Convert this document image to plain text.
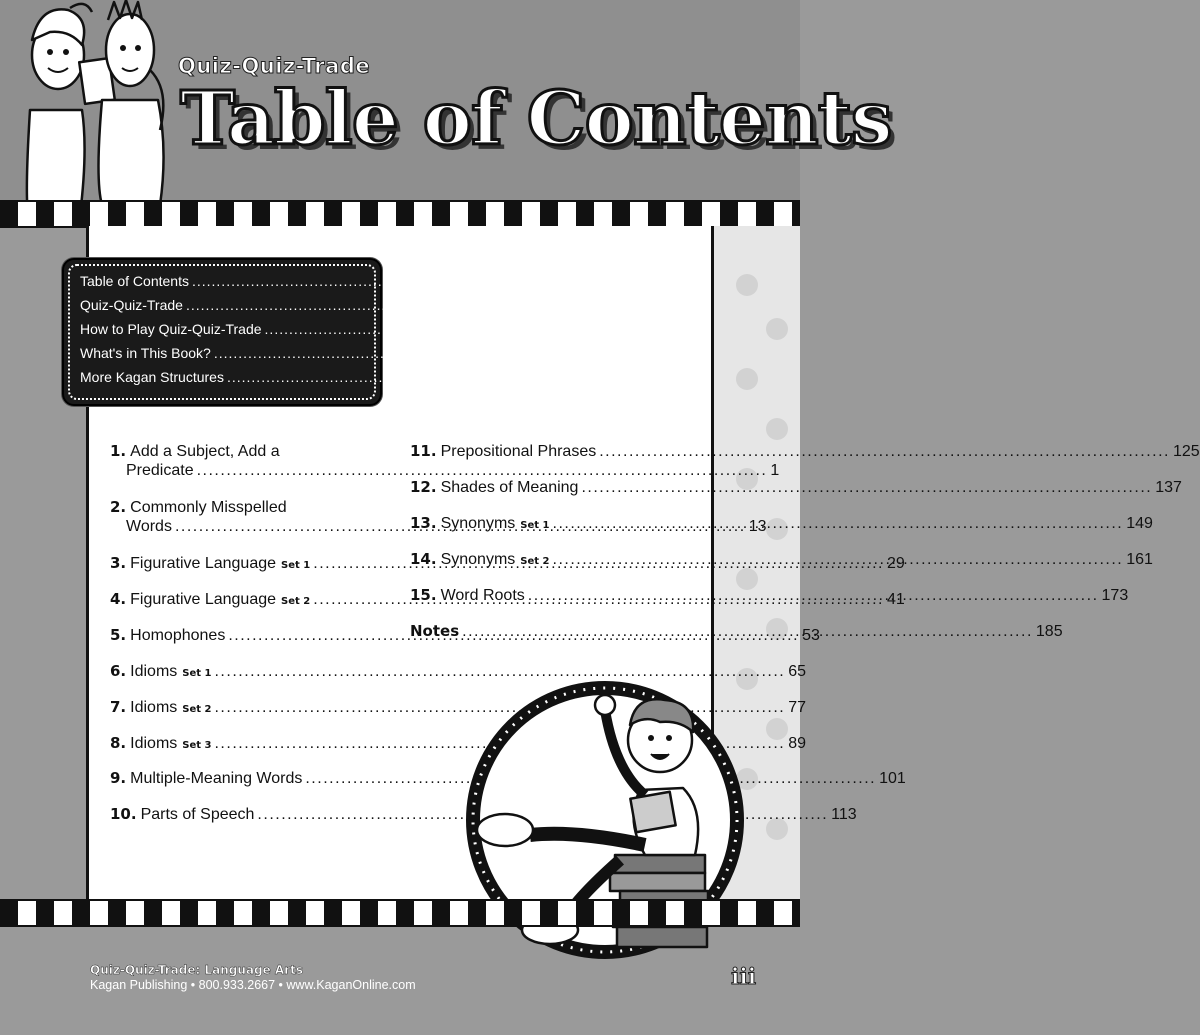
Quiz-Quiz-Trade
Table of Contents
Table of Contents .....	iii
Quiz-Quiz-Trade .....	iv
How to Play Quiz-Quiz-Trade .....	vi
What's in This Book? .....	viii
More Kagan Structures .....	x
1. Add a Subject, Add a
Predicate .....	1
2. Commonly Misspelled
Words .....	13
3. Figurative Language Set 1 .....	29
4. Figurative Language Set 2 .....	41
5. Homophones .....	53
6. Idioms Set 1 .....	65
7. Idioms Set 2 .....	77
8. Idioms Set 3 .....	89
9. Multiple-Meaning Words .....	101
10. Parts of Speech .....	113
11. Prepositional Phrases .....	125
12. Shades of Meaning .....	137
13. Synonyms Set 1 .....	149
14. Synonyms Set 2 .....	161
15. Word Roots .....	173
Notes .....	185
Quiz-Quiz-Trade: Language Arts
Kagan Publishing • 800.933.2667 • www.KaganOnline.com	iii
